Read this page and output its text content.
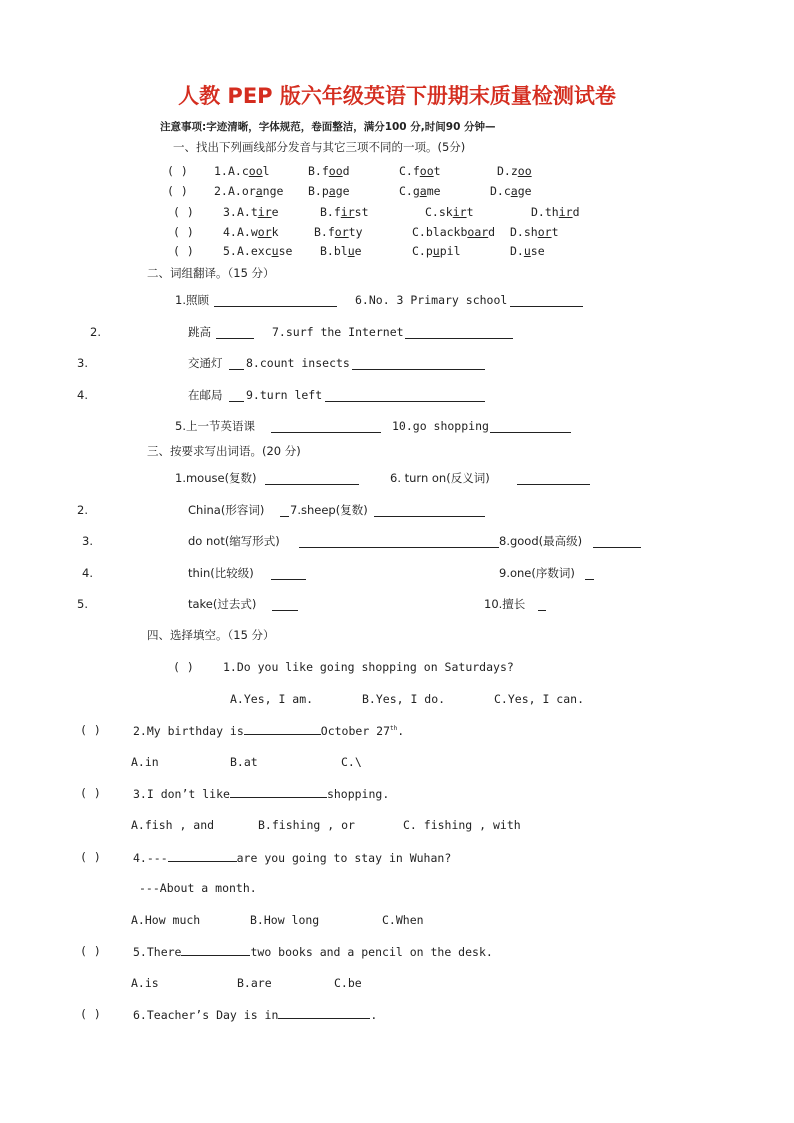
人教 PEP 版六年级英语下册期末质量检测试卷
注意事项:字迹清晰，字体规范，卷面整洁，满分100 分,时间90 分钟—
一、找出下列画线部分发音与其它三项不同的一项。(5分)
( ) 1. A.cool	B.food	C.foot	D.zoo
( ) 2. A.orange B.page	C.game	D.cage
( )	3. A.tire	B.first	C.skirt	D.third
( )	4. A.work	B.forty	C.blackboard D.short
( )	5. A.excuse B.blue	C.pupil	D.use
二、词组翻译。（15 分）
1.照顾	6.No. 3 Primary school
2.	跳高	7.surf the Internet
3.	交通灯 8.count insects
4.	在邮局 9.turn left
5.上一节英语课	10.go shopping
三、按要求写出词语。(20 分)
1.mouse(复数)	6. turn on(反义词)
2.	China(形容词) 7.sheep(复数)
3.	do not(缩写形式)	8.good(最高级)
4.	thin(比较级)	9.one(序数词)
5.	take(过去式)	10.擅长
四、选择填空。（15 分）
( )	1.Do you like going shopping on Saturdays?
A.Yes, I am.	B.Yes, I do.	C.Yes, I can.
( )	2.My birthday is	October 27th.
A.in	B.at	C.\
( )	3.I don’t like	shopping.
A.fish , and	B.fishing , or	C. fishing , with
( )	4.---	are you going to stay in Wuhan?
---About a month.
A.How much	B.How long	C.When
( )	5.There	two books and a pencil on the desk.
A.is	B.are	C.be
( )	6.Teacher’s Day is in	.
